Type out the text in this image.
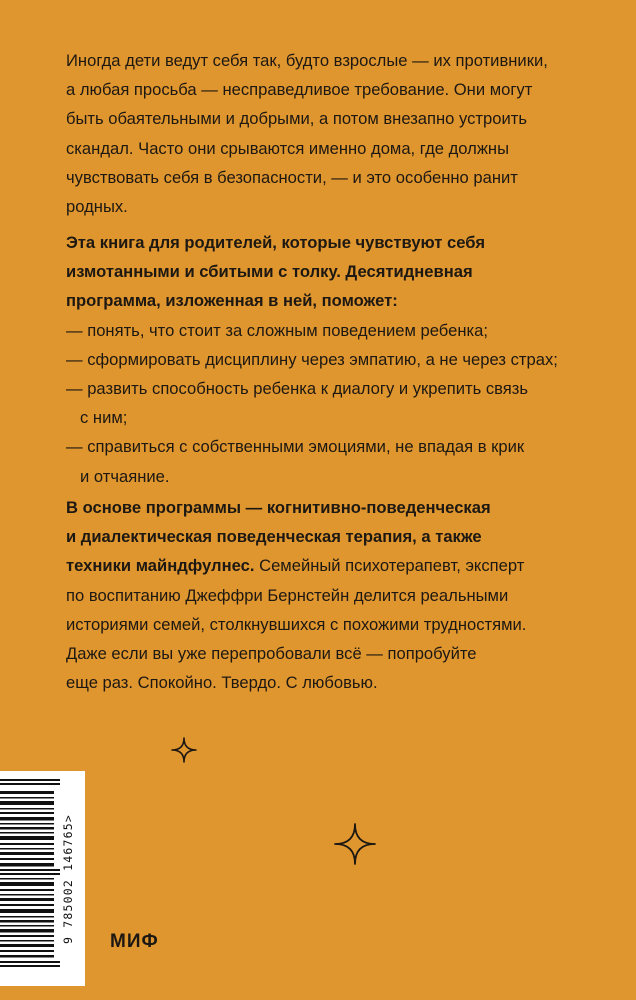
Иногда дети ведут себя так, будто взрослые — их противники,
а любая просьба — несправедливое требование. Они могут
быть обаятельными и добрыми, а потом внезапно устроить
скандал. Часто они срываются именно дома, где должны
чувствовать себя в безопасности, — и это особенно ранит
родных.

Эта книга для родителей, которые чувствуют себя
измотанными и сбитыми с толку. Десятидневная
программа, изложенная в ней, поможет:
— понять, что стоит за сложным поведением ребенка;
— сформировать дисциплину через эмпатию, а не через страх;
— развить способность ребенка к диалогу и укрепить связь
с ним;
— справиться с собственными эмоциями, не впадая в крик
и отчаяние.

В основе программы — когнитивно-поведенческая
и диалектическая поведенческая терапия, а также
техники майндфулнес. Семейный психотерапевт, эксперт
по воспитанию Джеффри Бернстейн делится реальными
историями семей, столкнувшихся с похожими трудностями.
Даже если вы уже перепробовали всё — попробуйте
еще раз. Спокойно. Твердо. С любовью.

9 785002 146765>
МИФ
